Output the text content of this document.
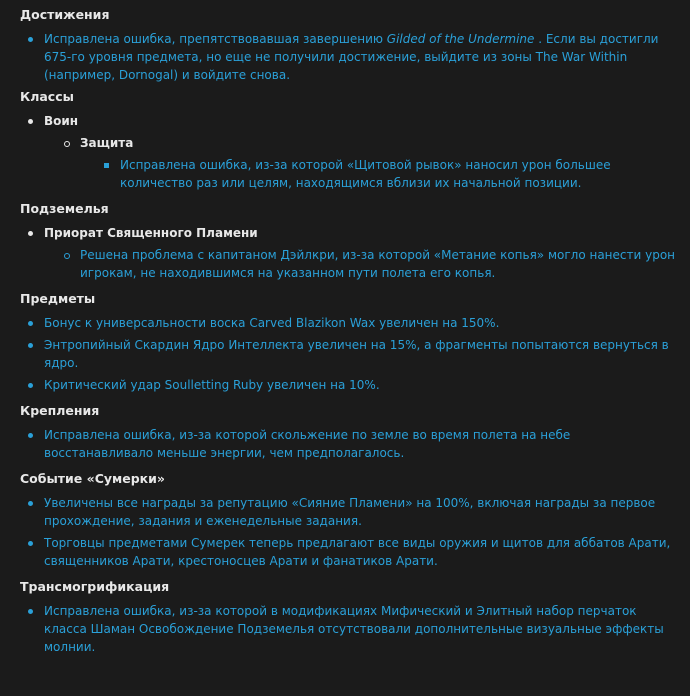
Достижения
Исправлена ошибка, препятствовавшая завершению Gilded of the Undermine . Если вы достигли 675-го уровня предмета, но еще не получили достижение, выйдите из зоны The War Within (например, Dornogal) и войдите снова.
Классы
Воин
Защита
Исправлена ошибка, из-за которой «Щитовой рывок» наносил урон большее количество раз или целям, находящимся вблизи их начальной позиции.
Подземелья
Приорат Священного Пламени
Решена проблема с капитаном Дэйлкри, из-за которой «Метание копья» могло нанести урон игрокам, не находившимся на указанном пути полета его копья.
Предметы
Бонус к универсальности воска Carved Blazikon Wax увеличен на 150%.
Энтропийный Скардин Ядро Интеллекта увеличен на 15%, а фрагменты попытаются вернуться в ядро.
Критический удар Soulletting Ruby увеличен на 10%.
Крепления
Исправлена ошибка, из-за которой скольжение по земле во время полета на небе восстанавливало меньше энергии, чем предполагалось.
Событие «Сумерки»
Увеличены все награды за репутацию «Сияние Пламени» на 100%, включая награды за первое прохождение, задания и еженедельные задания.
Торговцы предметами Сумерек теперь предлагают все виды оружия и щитов для аббатов Арати, священников Арати, крестоносцев Арати и фанатиков Арати.
Трансмогрификация
Исправлена ошибка, из-за которой в модификациях Мифический и Элитный набор перчаток класса Шаман Освобождение Подземелья отсутствовали дополнительные визуальные эффекты молнии.
